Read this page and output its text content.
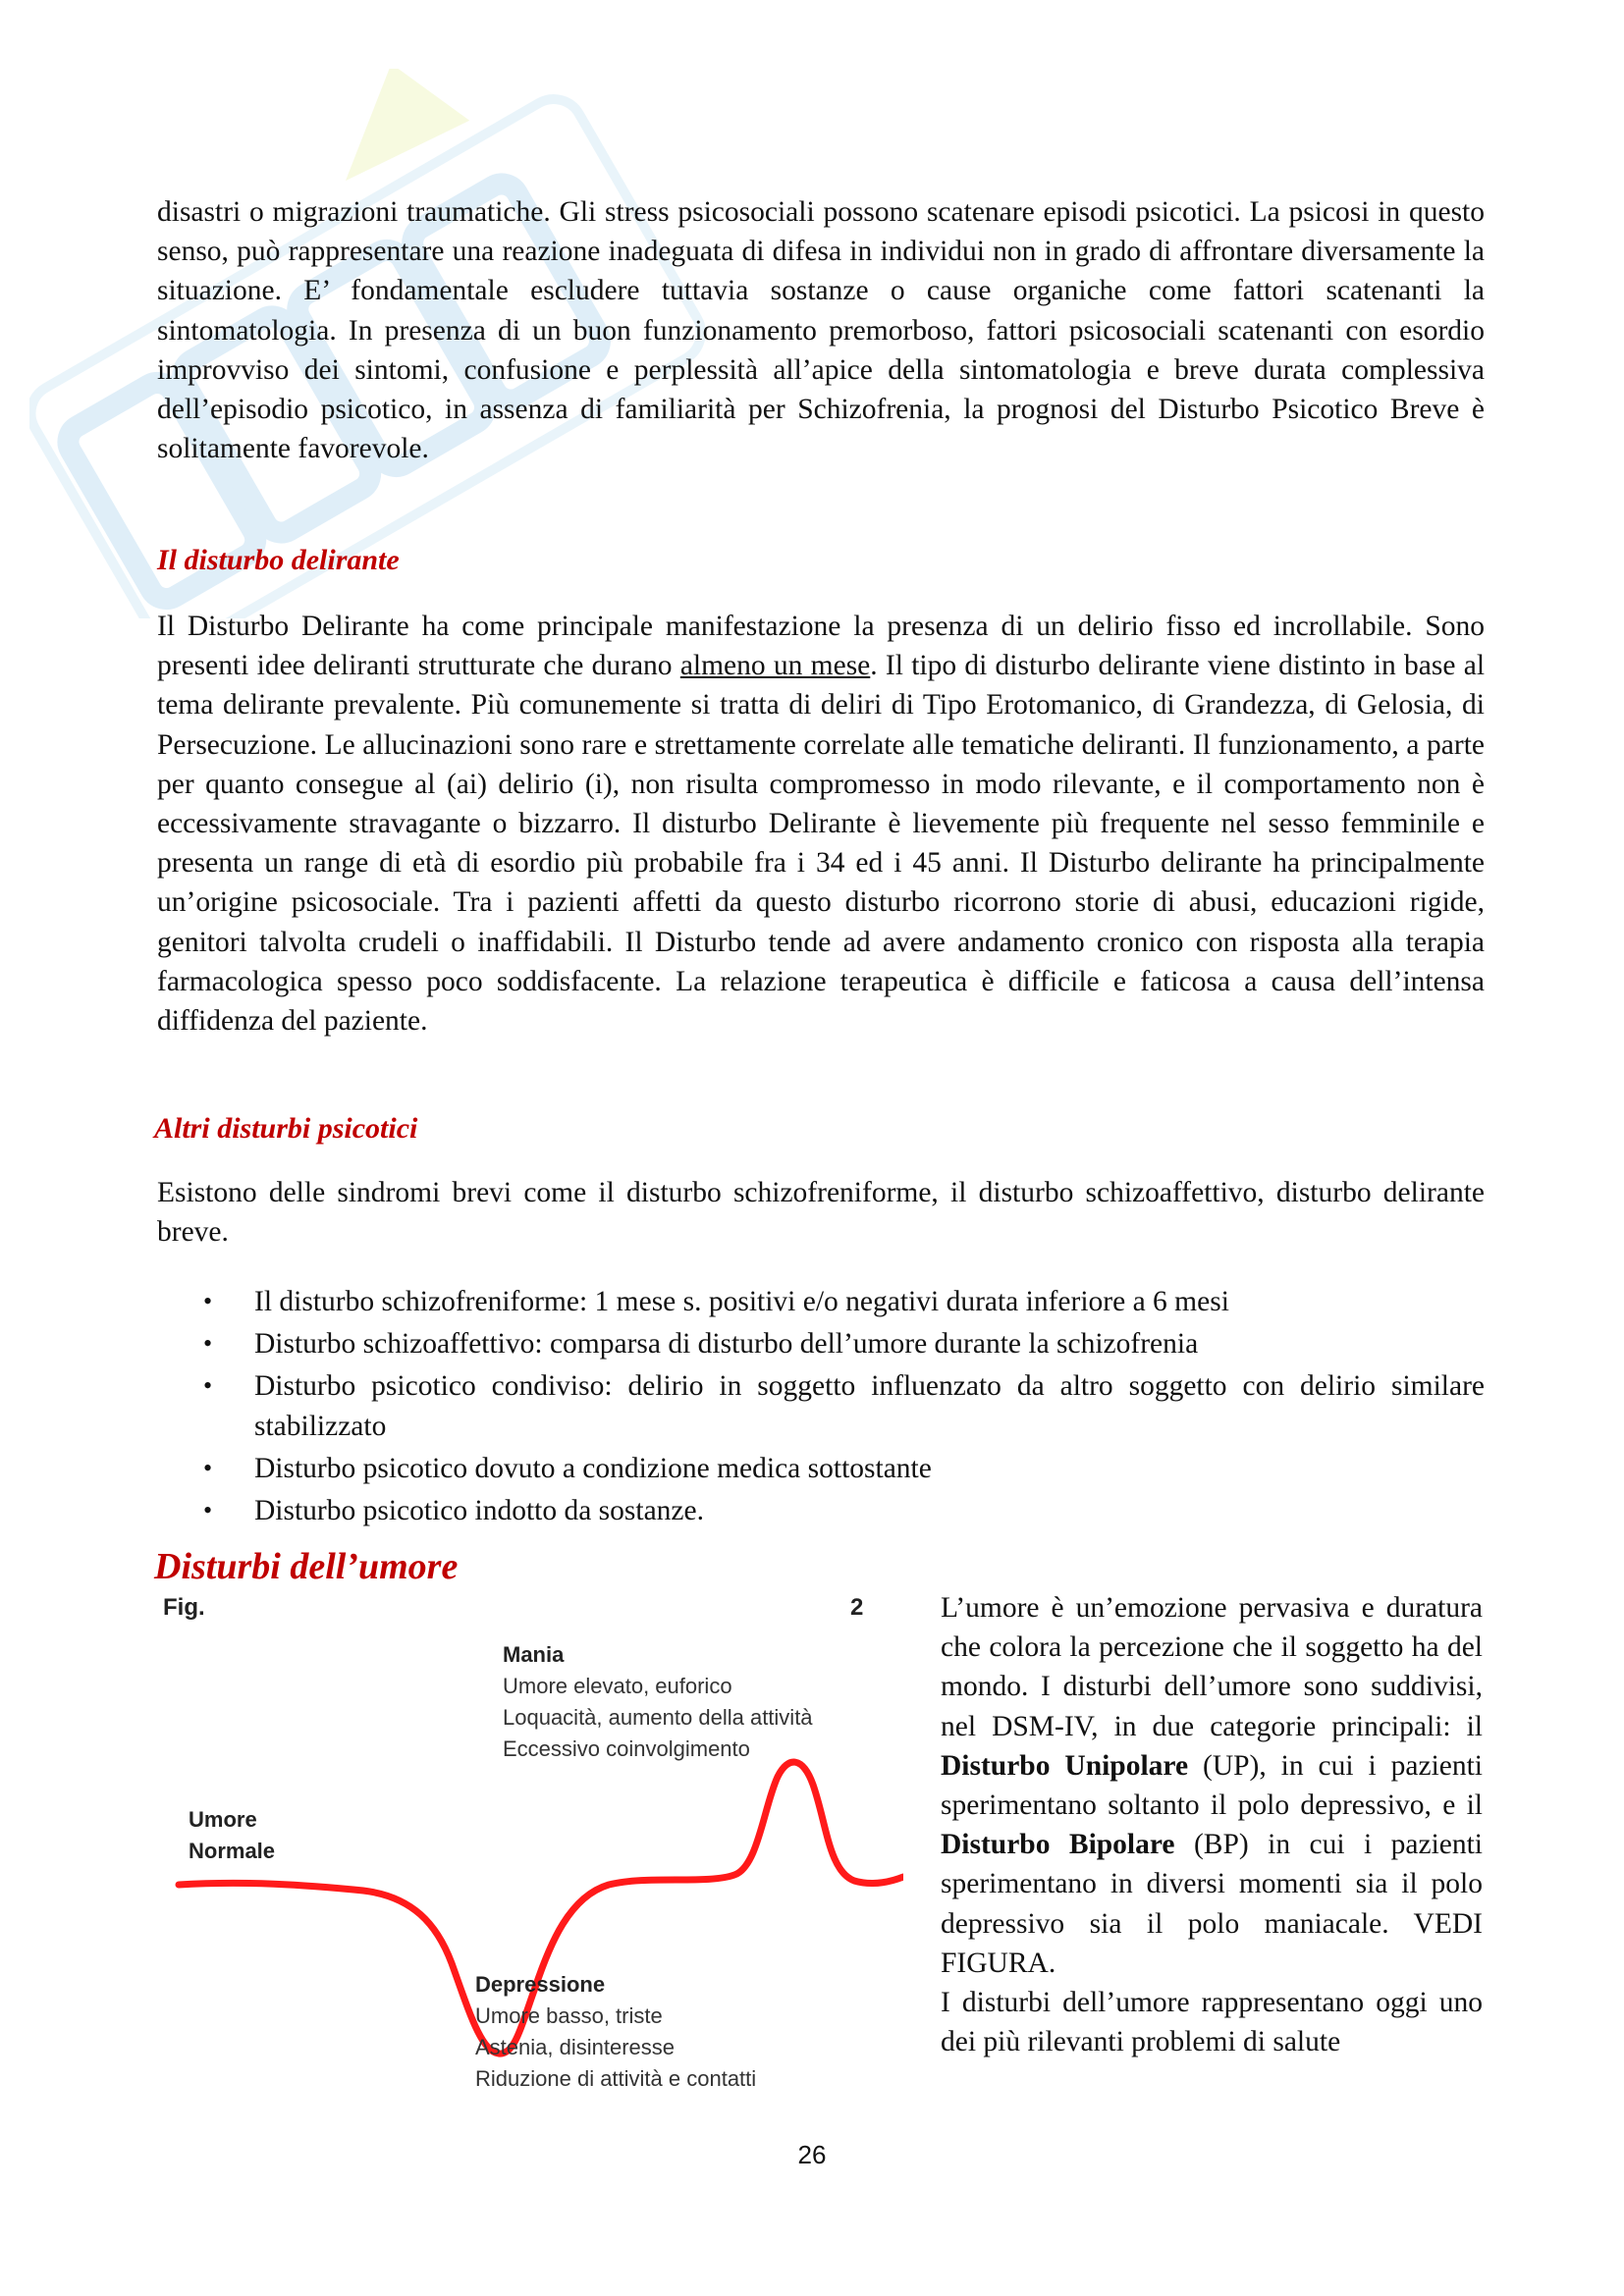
disastri o migrazioni traumatiche. Gli stress psicosociali possono scatenare episodi psicotici. La psicosi in questo senso, può rappresentare una reazione inadeguata di difesa in individui non in grado di affrontare diversamente la situazione. E’ fondamentale escludere tuttavia sostanze o cause organiche come fattori scatenanti la sintomatologia. In presenza di un buon funzionamento premorboso, fattori psicosociali scatenanti con esordio improvviso dei sintomi, confusione e perplessità all’apice della sintomatologia e breve durata complessiva dell’episodio psicotico, in assenza di familiarità per Schizofrenia, la prognosi del Disturbo Psicotico Breve è solitamente favorevole.

Il disturbo delirante

Il Disturbo Delirante ha come principale manifestazione la presenza di un delirio fisso ed incrollabile. Sono presenti idee deliranti strutturate che durano almeno un mese. Il tipo di disturbo delirante viene distinto in base al tema delirante prevalente. Più comunemente si tratta di deliri di Tipo Erotomanico, di Grandezza, di Gelosia, di Persecuzione. Le allucinazioni sono rare e strettamente correlate alle tematiche deliranti. Il funzionamento, a parte per quanto consegue al (ai) delirio (i), non risulta compromesso in modo rilevante, e il comportamento non è eccessivamente stravagante o bizzarro. Il disturbo Delirante è lievemente più frequente nel sesso femminile e presenta un range di età di esordio più probabile fra i 34 ed i 45 anni. Il Disturbo delirante ha principalmente un’origine psicosociale. Tra i pazienti affetti da questo disturbo ricorrono storie di abusi, educazioni rigide, genitori talvolta crudeli o inaffidabili. Il Disturbo tende ad avere andamento cronico con risposta alla terapia farmacologica spesso poco soddisfacente. La relazione terapeutica è difficile e faticosa a causa dell’intensa diffidenza del paziente.

Altri disturbi psicotici

Esistono delle sindromi brevi come il disturbo schizofreniforme, il disturbo schizoaffettivo, disturbo delirante breve.

• Il disturbo schizofreniforme: 1 mese s. positivi e/o negativi durata inferiore a 6 mesi
• Disturbo schizoaffettivo: comparsa di disturbo dell’umore durante la schizofrenia
• Disturbo psicotico condiviso: delirio in soggetto influenzato da altro soggetto con delirio similare stabilizzato
• Disturbo psicotico dovuto a condizione medica sottostante
• Disturbo psicotico indotto da sostanze.
Disturbi dell’umore
Fig.	2
Mania
Umore elevato, euforico
Loquacità, aumento della attività
Eccessivo coinvolgimento
Umore
Normale
Depressione
Umore basso, triste
Astenia, disinteresse
Riduzione di attività e contatti

L’umore è un’emozione pervasiva e duratura che colora la percezione che il soggetto ha del mondo. I disturbi dell’umore sono suddivisi, nel DSM-IV, in due categorie principali: il Disturbo Unipolare (UP), in cui i pazienti sperimentano soltanto il polo depressivo, e il Disturbo Bipolare (BP) in cui i pazienti sperimentano in diversi momenti sia il polo depressivo sia il polo maniacale. VEDI FIGURA.

I disturbi dell’umore rappresentano oggi uno dei più rilevanti problemi di salute

26
